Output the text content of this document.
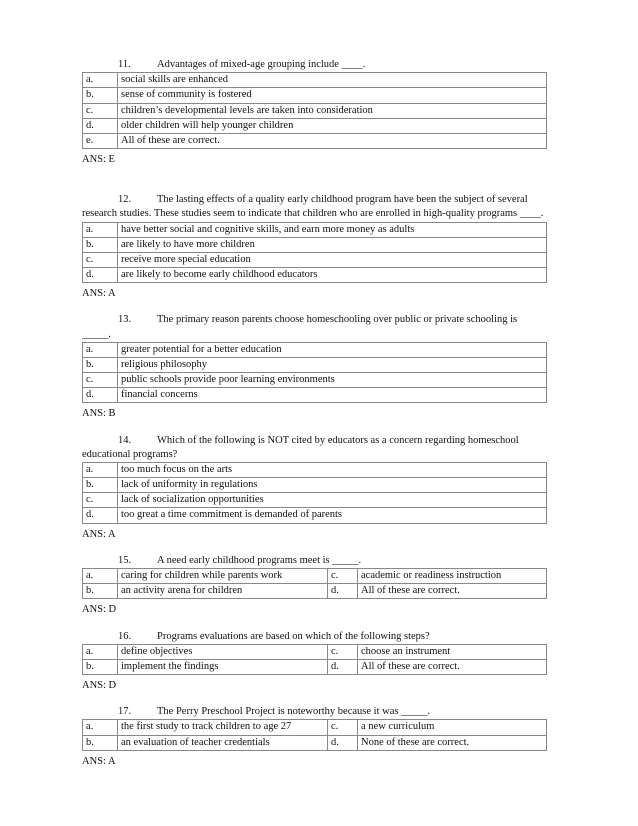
11.	Advantages of mixed-age grouping include ____.

a.	social skills are enhanced
b.	sense of community is fostered
c.	children’s developmental levels are taken into consideration
d.	older children will help younger children
e.	All of these are correct.

ANS: E

12. The lasting effects of a quality early childhood program have been the subject of several research studies. These studies seem to indicate that children who are enrolled in high-quality programs ____.

a.	have better social and cognitive skills, and earn more money as adults
b.	are likely to have more children
c.	receive more special education
d.	are likely to become early childhood educators

ANS: A

13. The primary reason parents choose homeschooling over public or private schooling is _____.

a.	greater potential for a better education
b.	religious philosophy
c.	public schools provide poor learning environments
d.	financial concerns

ANS: B

14. Which of the following is NOT cited by educators as a concern regarding homeschool educational programs?

a.	too much focus on the arts
b.	lack of uniformity in regulations
c.	lack of socialization opportunities
d.	too great a time commitment is demanded of parents

ANS: A

15. A need early childhood programs meet is _____.

a.	caring for children while parents work	c.	academic or readiness instruction
b.	an activity arena for children	d.	All of these are correct.

ANS: D

16. Programs evaluations are based on which of the following steps?

a.	define objectives	c.	choose an instrument
b.	implement the findings	d.	All of these are correct.

ANS: D

17. The Perry Preschool Project is noteworthy because it was _____.

a.	the first study to track children to age 27	c.	a new curriculum
b.	an evaluation of teacher credentials	d.	None of these are correct.

ANS: A
